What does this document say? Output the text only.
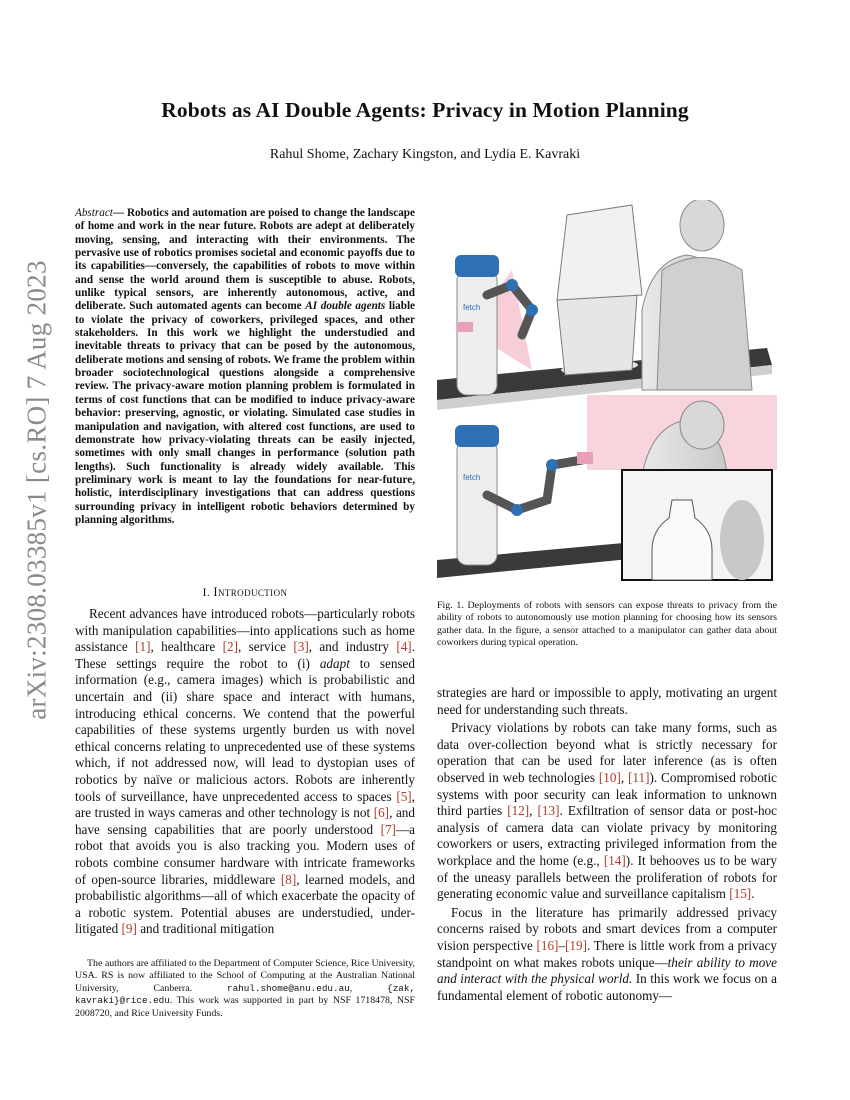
arXiv:2308.03385v1 [cs.RO] 7 Aug 2023
Robots as AI Double Agents: Privacy in Motion Planning
Rahul Shome, Zachary Kingston, and Lydia E. Kavraki
Abstract— Robotics and automation are poised to change the landscape of home and work in the near future. Robots are adept at deliberately moving, sensing, and interacting with their environments. The pervasive use of robotics promises societal and economic payoffs due to its capabilities—conversely, the capabilities of robots to move within and sense the world around them is susceptible to abuse. Robots, unlike typical sensors, are inherently autonomous, active, and deliberate. Such automated agents can become AI double agents liable to violate the privacy of coworkers, privileged spaces, and other stakeholders. In this work we highlight the understudied and inevitable threats to privacy that can be posed by the autonomous, deliberate motions and sensing of robots. We frame the problem within broader sociotechnological questions alongside a comprehensive review. The privacy-aware motion planning problem is formulated in terms of cost functions that can be modified to induce privacy-aware behavior: preserving, agnostic, or violating. Simulated case studies in manipulation and navigation, with altered cost functions, are used to demonstrate how privacy-violating threats can be easily injected, sometimes with only small changes in performance (solution path lengths). Such functionality is already widely available. This preliminary work is meant to lay the foundations for near-future, holistic, interdisciplinary investigations that can address questions surrounding privacy in intelligent robotic behaviors determined by planning algorithms.
I. Introduction

Recent advances have introduced robots—particularly robots with manipulation capabilities—into applications such as home assistance [1], healthcare [2], service [3], and industry [4]. These settings require the robot to (i) adapt to sensed information (e.g., camera images) which is probabilistic and uncertain and (ii) share space and interact with humans, introducing ethical concerns. We contend that the powerful capabilities of these systems urgently burden us with novel ethical concerns relating to unprecedented use of these systems which, if not addressed now, will lead to dystopian uses of robotics by naïve or malicious actors. Robots are inherently tools of surveillance, have unprecedented access to spaces [5], are trusted in ways cameras and other technology is not [6], and have sensing capabilities that are poorly understood [7]—a robot that avoids you is also tracking you. Modern uses of robots combine consumer hardware with intricate frameworks of open-source libraries, middleware [8], learned models, and probabilistic algorithms—all of which exacerbate the opacity of a robotic system. Potential abuses are understudied, under-litigated [9] and traditional mitigation

The authors are affiliated to the Department of Computer Science, Rice University, USA. RS is now affiliated to the School of Computing at the Australian National University, Canberra. rahul.shome@anu.edu.au, {zak, kavraki}@rice.edu. This work was supported in part by NSF 1718478, NSF 2008720, and Rice University Funds.

fetch
fetch
Fig. 1. Deployments of robots with sensors can expose threats to privacy from the ability of robots to autonomously use motion planning for choosing how its sensors gather data. In the figure, a sensor attached to a manipulator can gather data about coworkers during typical operation.

strategies are hard or impossible to apply, motivating an urgent need for understanding such threats.

Privacy violations by robots can take many forms, such as data over-collection beyond what is strictly necessary for operation that can be used for later inference (as is often observed in web technologies [10], [11]). Compromised robotic systems with poor security can leak information to unknown third parties [12], [13]. Exfiltration of sensor data or post-hoc analysis of camera data can violate privacy by monitoring coworkers or users, extracting privileged information from the workplace and the home (e.g., [14]). It behooves us to be wary of the uneasy parallels between the proliferation of robots for generating economic value and surveillance capitalism [15].

Focus in the literature has primarily addressed privacy concerns raised by robots and smart devices from a computer vision perspective [16]–[19]. There is little work from a privacy standpoint on what makes robots unique—their ability to move and interact with the physical world. In this work we focus on a fundamental element of robotic autonomy—
